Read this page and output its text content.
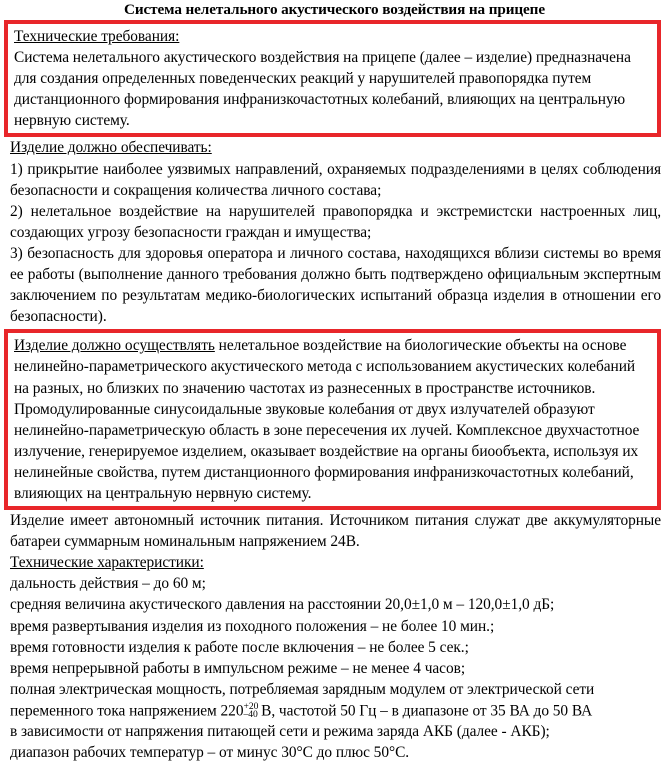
Система нелетального акустического воздействия на прицепе

Технические требования:

Система нелетального акустического воздействия на прицепе (далее – изделие) предназначена для создания определенных поведенческих реакций у нарушителей правопорядка путем дистанционного формирования инфранизкочастотных колебаний, влияющих на центральную нервную систему.

Изделие должно обеспечивать:

1) прикрытие наиболее уязвимых направлений, охраняемых подразделениями в целях соблюдения безопасности и сокращения количества личного состава;

2) нелетальное воздействие на нарушителей правопорядка и экстремистски настроенных лиц, создающих угрозу безопасности граждан и имущества;

3) безопасность для здоровья оператора и личного состава, находящихся вблизи системы во время ее работы (выполнение данного требования должно быть подтверждено официальным экспертным заключением по результатам медико-биологических испытаний образца изделия в отношении его безопасности).

Изделие должно осуществлять нелетальное воздействие на биологические объекты на основе нелинейно-параметрического акустического метода с использованием акустических колебаний на разных, но близких по значению частотах из разнесенных в пространстве источников. Промодулированные синусоидальные звуковые колебания от двух излучателей образуют нелинейно-параметрическую область в зоне пересечения их лучей. Комплексное двухчастотное излучение, генерируемое изделием, оказывает воздействие на органы биообъекта, используя их нелинейные свойства, путем дистанционного формирования инфранизкочастотных колебаний, влияющих на центральную нервную систему.

Изделие имеет автономный источник питания. Источником питания служат две аккумуляторные батареи суммарным номинальным напряжением 24В.

Технические характеристики:

дальность действия – до 60 м;

средняя величина акустического давления на расстоянии 20,0±1,0 м – 120,0±1,0 дБ;

время развертывания изделия из походного положения – не более 10 мин.;

время готовности изделия к работе после включения – не более 5 сек.;

время непрерывной работы в импульсном режиме – не менее 4 часов;

полная электрическая мощность, потребляемая зарядным модулем от электрической сети

переменного тока напряжением 220 +20
–40 В, частотой 50 Гц – в диапазоне от 35 ВА до 50 ВА

в зависимости от напряжения питающей сети и режима заряда АКБ (далее - АКБ);

диапазон рабочих температур – от минус 30°C до плюс 50°C.
